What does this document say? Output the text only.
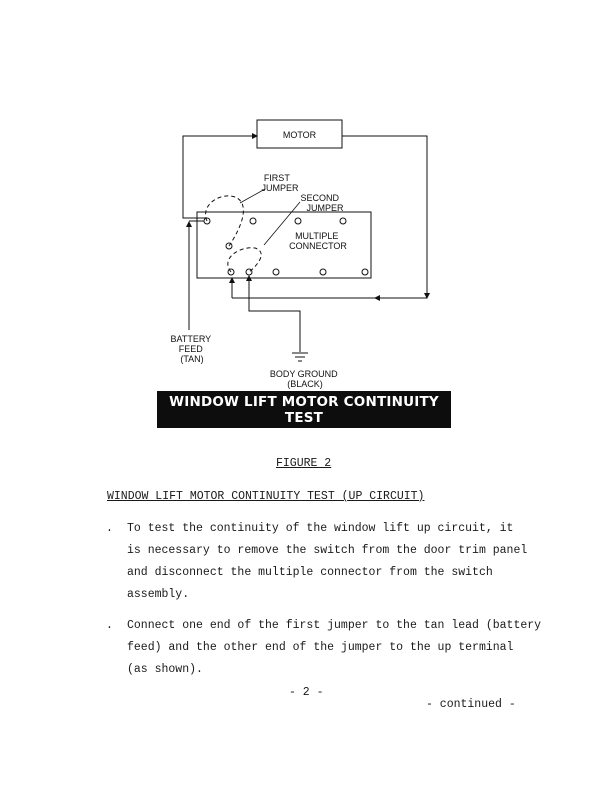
MOTOR
FIRST JUMPER
SECOND JUMPER
MULTIPLE CONNECTOR
BATTERY FEED (TAN)
BODY GROUND (BLACK)
WINDOW LIFT MOTOR CONTINUITY TEST
(UP CIRCUIT)
FIGURE 2
WINDOW LIFT MOTOR CONTINUITY TEST (UP CIRCUIT)
. To test the continuity of the window lift up circuit, it
is necessary to remove the switch from the door trim panel
and disconnect the multiple connector from the switch
assembly.
. Connect one end of the first jumper to the tan lead (battery
feed) and the other end of the jumper to the up terminal
(as shown).
- 2 -
- continued -
